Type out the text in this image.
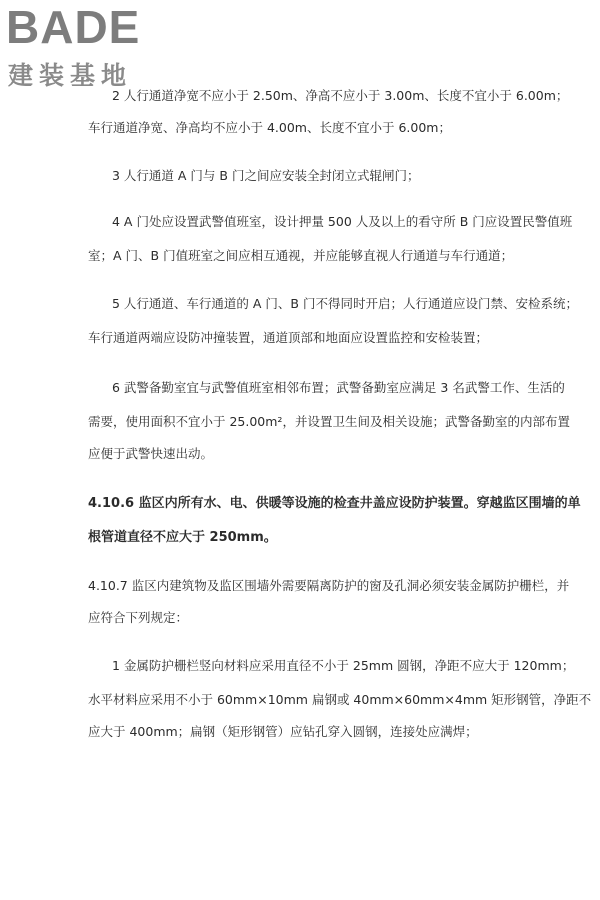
BADE
建装基地
2 人行通道净宽不应小于 2.50m、净高不应小于 3.00m、长度不宜小于 6.00m；
车行通道净宽、净高均不应小于 4.00m、长度不宜小于 6.00m；
3 人行通道 A 门与 B 门之间应安装全封闭立式辊闸门；
4 A 门处应设置武警值班室，设计押量 500 人及以上的看守所 B 门应设置民警值班
室；A 门、B 门值班室之间应相互通视，并应能够直视人行通道与车行通道；
5 人行通道、车行通道的 A 门、B 门不得同时开启；人行通道应设门禁、安检系统；
车行通道两端应设防冲撞装置，通道顶部和地面应设置监控和安检装置；
6 武警备勤室宜与武警值班室相邻布置；武警备勤室应满足 3 名武警工作、生活的
需要，使用面积不宜小于 25.00m²，并设置卫生间及相关设施；武警备勤室的内部布置
应便于武警快速出动。
4.10.6 监区内所有水、电、供暖等设施的检查井盖应设防护装置。穿越监区围墙的单
根管道直径不应大于 250mm。
4.10.7 监区内建筑物及监区围墙外需要隔离防护的窗及孔洞必须安装金属防护栅栏，并
应符合下列规定：
1 金属防护栅栏竖向材料应采用直径不小于 25mm 圆钢，净距不应大于 120mm；
水平材料应采用不小于 60mm×10mm 扁钢或 40mm×60mm×4mm 矩形钢管，净距不
应大于 400mm；扁钢（矩形钢管）应钻孔穿入圆钢，连接处应满焊；
